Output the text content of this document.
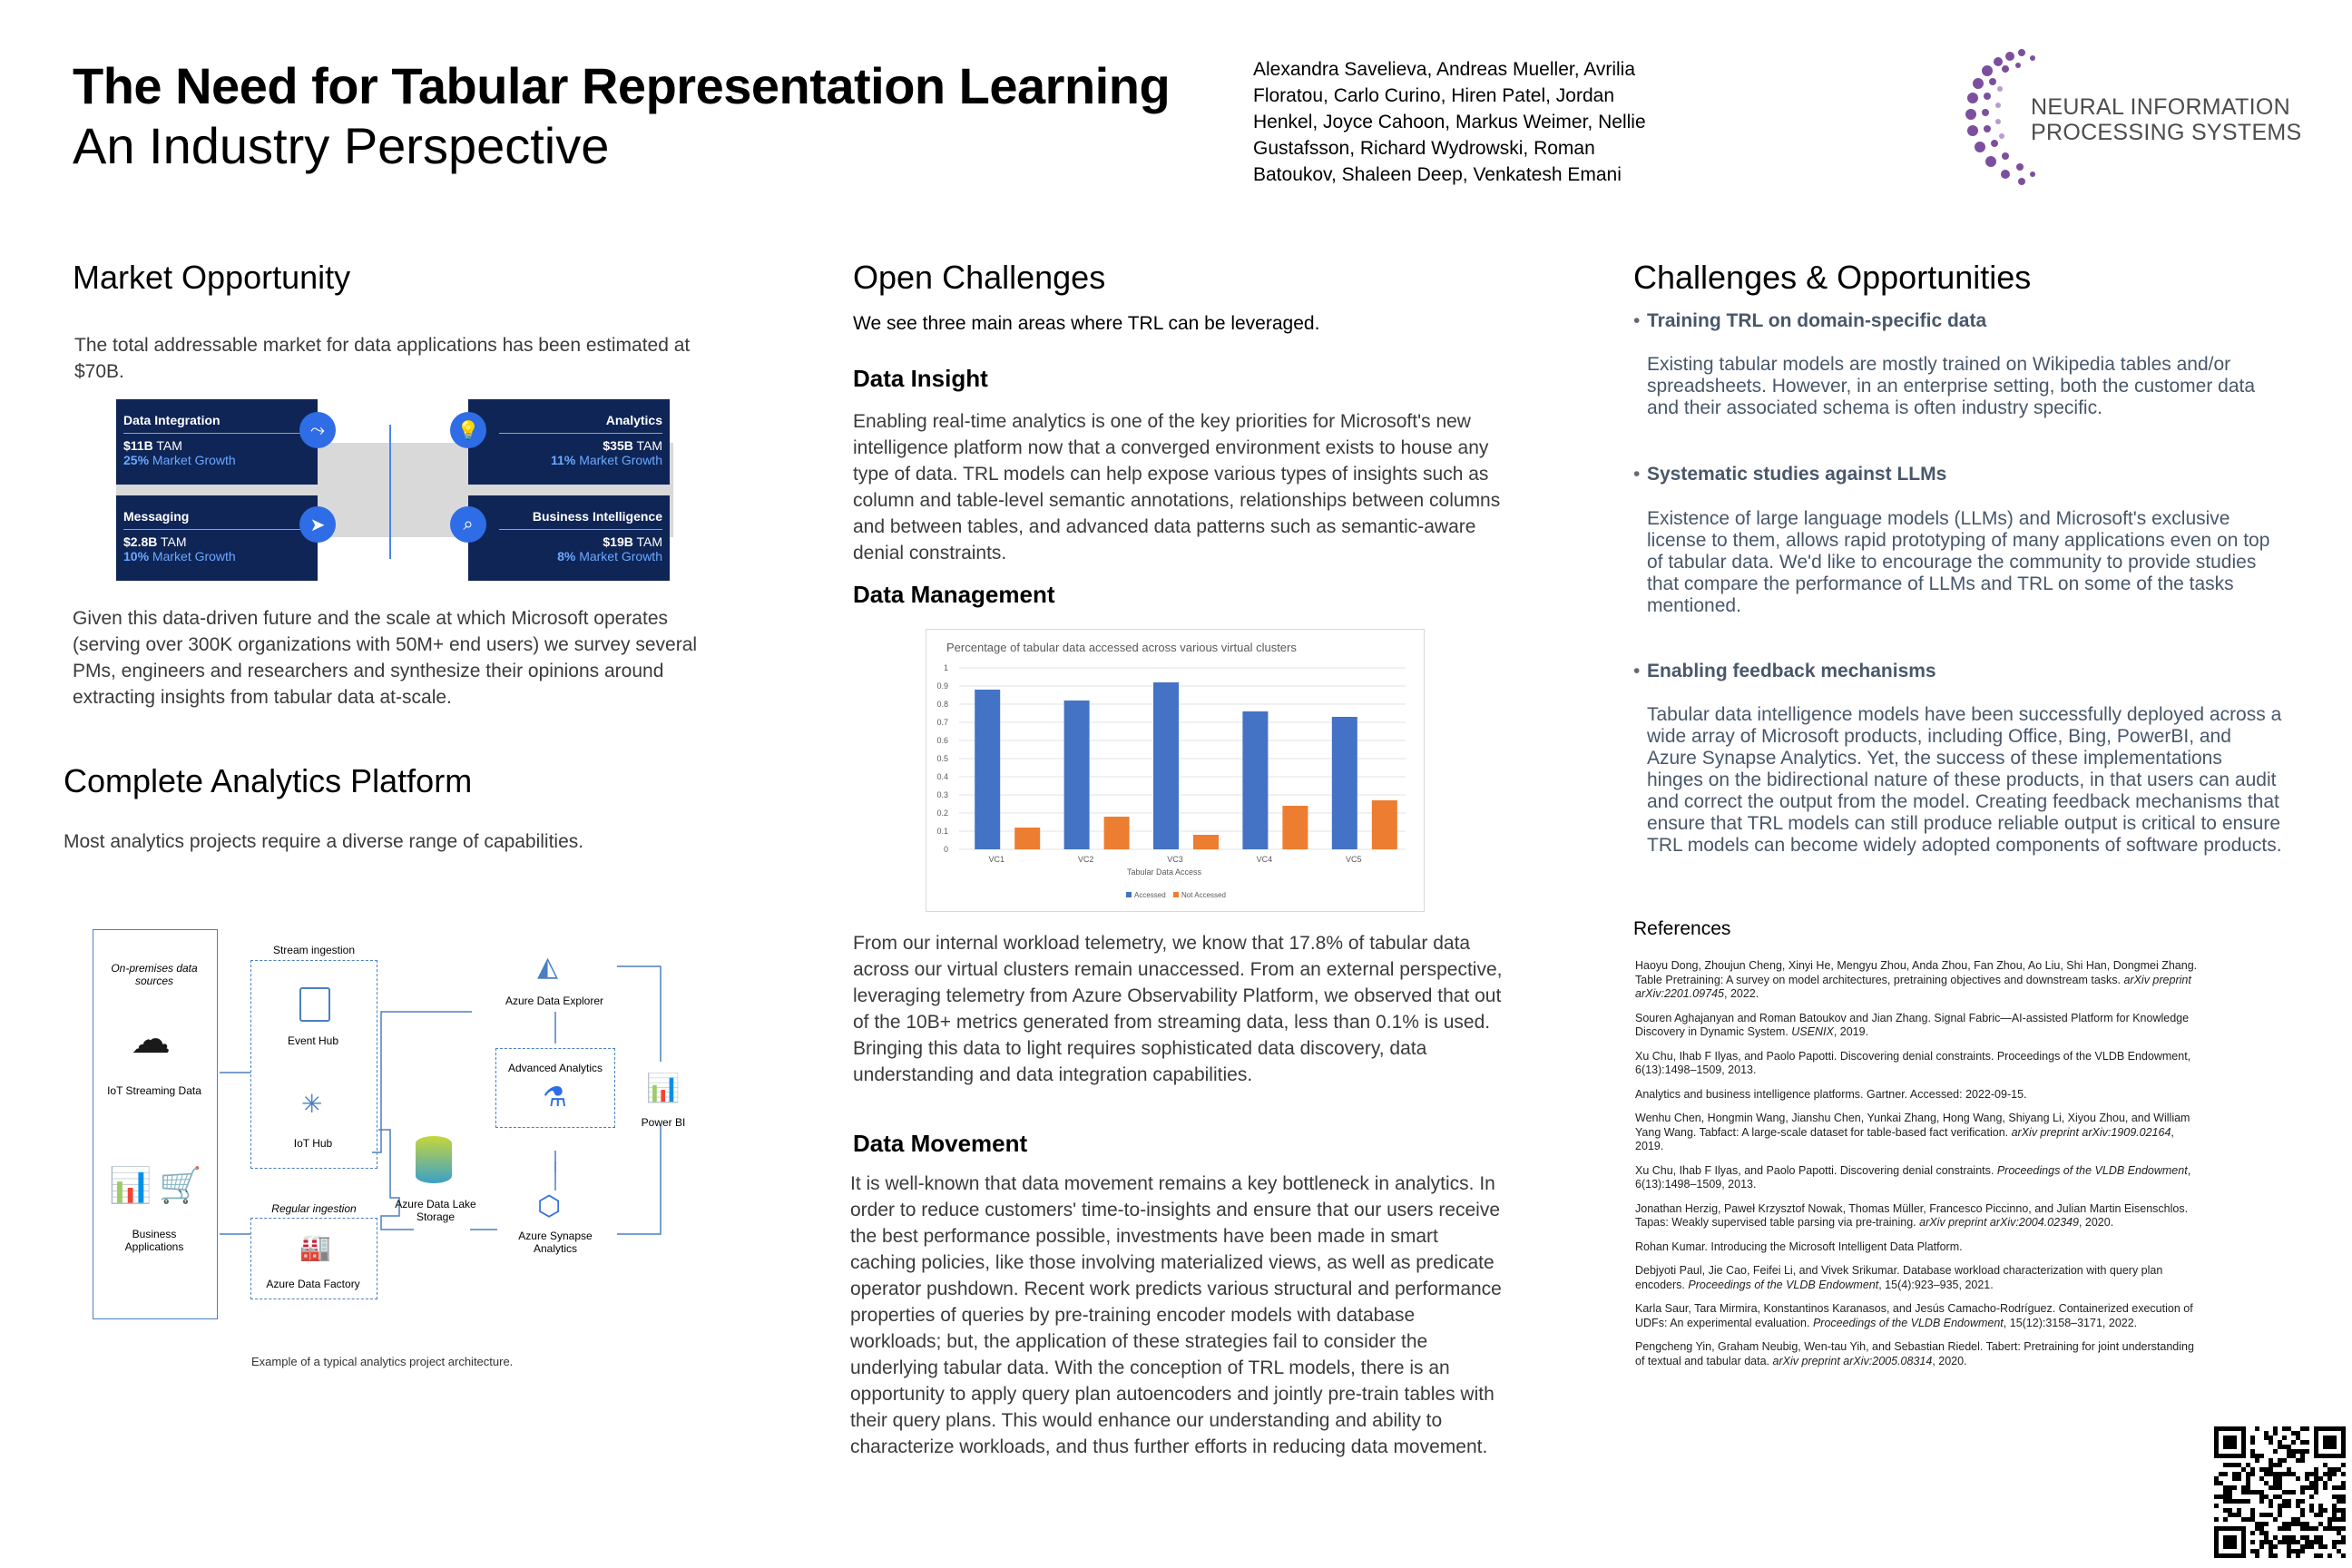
The Need for Tabular Representation Learning
An Industry Perspective
Alexandra Savelieva, Andreas Mueller, Avrilia Floratou, Carlo Curino, Hiren Patel, Jordan Henkel, Joyce Cahoon, Markus Weimer, Nellie Gustafsson, Richard Wydrowski, Roman Batoukov, Shaleen Deep, Venkatesh Emani
NEURAL INFORMATION
PROCESSING SYSTEMS
Market Opportunity
The total addressable market for data applications has been estimated at $70B.
Data Integration
$11B TAM
25% Market Growth
⤳	Analytics
$35B TAM
11% Market Growth
💡
Messaging
$2.8B TAM
10% Market Growth
➤	Business Intelligence
$19B TAM
8% Market Growth
⌕
Given this data-driven future and the scale at which Microsoft operates (serving over 300K organizations with 50M+ end users) we survey several PMs, engineers and researchers and synthesize their opinions around extracting insights from tabular data at-scale.
Complete Analytics Platform
Most analytics projects require a diverse range of capabilities.
On-premises data sources
☁
IoT Streaming Data
📊 🛒
Business Applications
Stream ingestion
Event Hub
✳
IoT Hub
Regular ingestion
🏭
Azure Data Factory
Azure Data Lake Storage
◭
Azure Data Explorer
Advanced Analytics
⚗
⬡
Azure Synapse Analytics
📊
Power BI
Example of a typical analytics project architecture.
Open Challenges
We see three main areas where TRL can be leveraged.
Data Insight
Enabling real-time analytics is one of the key priorities for Microsoft's new intelligence platform now that a converged environment exists to house any type of data. TRL models can help expose various types of insights such as column and table-level semantic annotations, relationships between columns and between tables, and advanced data patterns such as semantic-aware denial constraints.
Data Management
Percentage of tabular data accessed across various virtual clusters
0
0.1
0.2
0.3
0.4
0.5
0.6
0.7
0.8
0.9
1
VC1	VC2	VC3	VC4	VC5
Tabular Data Access
Accessed Not Accessed
From our internal workload telemetry, we know that 17.8% of tabular data across our virtual clusters remain unaccessed. From an external perspective, leveraging telemetry from Azure Observability Platform, we observed that out of the 10B+ metrics generated from streaming data, less than 0.1% is used. Bringing this data to light requires sophisticated data discovery, data understanding and data integration capabilities.
Data Movement
It is well-known that data movement remains a key bottleneck in analytics. In order to reduce customers' time-to-insights and ensure that our users receive the best performance possible, investments have been made in smart caching policies, like those involving materialized views, as well as predicate operator pushdown. Recent work predicts various structural and performance properties of queries by pre-training encoder models with database workloads; but, the application of these strategies fail to consider the underlying tabular data. With the conception of TRL models, there is an opportunity to apply query plan autoencoders and jointly pre-train tables with their query plans. This would enhance our understanding and ability to characterize workloads, and thus further efforts in reducing data movement.
Challenges & Opportunities
• Training TRL on domain-specific data
Existing tabular models are mostly trained on Wikipedia tables and/or spreadsheets. However, in an enterprise setting, both the customer data and their associated schema is often industry specific.
• Systematic studies against LLMs
Existence of large language models (LLMs) and Microsoft's exclusive license to them, allows rapid prototyping of many applications even on top of tabular data. We'd like to encourage the community to provide studies that compare the performance of LLMs and TRL on some of the tasks mentioned.
• Enabling feedback mechanisms
Tabular data intelligence models have been successfully deployed across a wide array of Microsoft products, including Office, Bing, PowerBI, and Azure Synapse Analytics. Yet, the success of these implementations hinges on the bidirectional nature of these products, in that users can audit and correct the output from the model. Creating feedback mechanisms that ensure that TRL models can still produce reliable output is critical to ensure TRL models can become widely adopted components of software products.
References
Haoyu Dong, Zhoujun Cheng, Xinyi He, Mengyu Zhou, Anda Zhou, Fan Zhou, Ao Liu, Shi Han, Dongmei Zhang. Table Pretraining: A survey on model architectures, pretraining objectives and downstream tasks. arXiv preprint arXiv:2201.09745, 2022.
Souren Aghajanyan and Roman Batoukov and Jian Zhang. Signal Fabric—AI-assisted Platform for Knowledge Discovery in Dynamic System. USENIX, 2019.
Xu Chu, Ihab F Ilyas, and Paolo Papotti. Discovering denial constraints. Proceedings of the VLDB Endowment, 6(13):1498–1509, 2013.
Analytics and business intelligence platforms. Gartner. Accessed: 2022-09-15.
Wenhu Chen, Hongmin Wang, Jianshu Chen, Yunkai Zhang, Hong Wang, Shiyang Li, Xiyou Zhou, and William Yang Wang. Tabfact: A large-scale dataset for table-based fact verification. arXiv preprint arXiv:1909.02164, 2019.
Xu Chu, Ihab F Ilyas, and Paolo Papotti. Discovering denial constraints. Proceedings of the VLDB Endowment, 6(13):1498–1509, 2013.
Jonathan Herzig, Paweł Krzysztof Nowak, Thomas Müller, Francesco Piccinno, and Julian Martin Eisenschlos. Tapas: Weakly supervised table parsing via pre-training. arXiv preprint arXiv:2004.02349, 2020.
Rohan Kumar. Introducing the Microsoft Intelligent Data Platform.
Debjyoti Paul, Jie Cao, Feifei Li, and Vivek Srikumar. Database workload characterization with query plan encoders. Proceedings of the VLDB Endowment, 15(4):923–935, 2021.
Karla Saur, Tara Mirmira, Konstantinos Karanasos, and Jesús Camacho-Rodríguez. Containerized execution of UDFs: An experimental evaluation. Proceedings of the VLDB Endowment, 15(12):3158–3171, 2022.
Pengcheng Yin, Graham Neubig, Wen-tau Yih, and Sebastian Riedel. Tabert: Pretraining for joint understanding of textual and tabular data. arXiv preprint arXiv:2005.08314, 2020.
